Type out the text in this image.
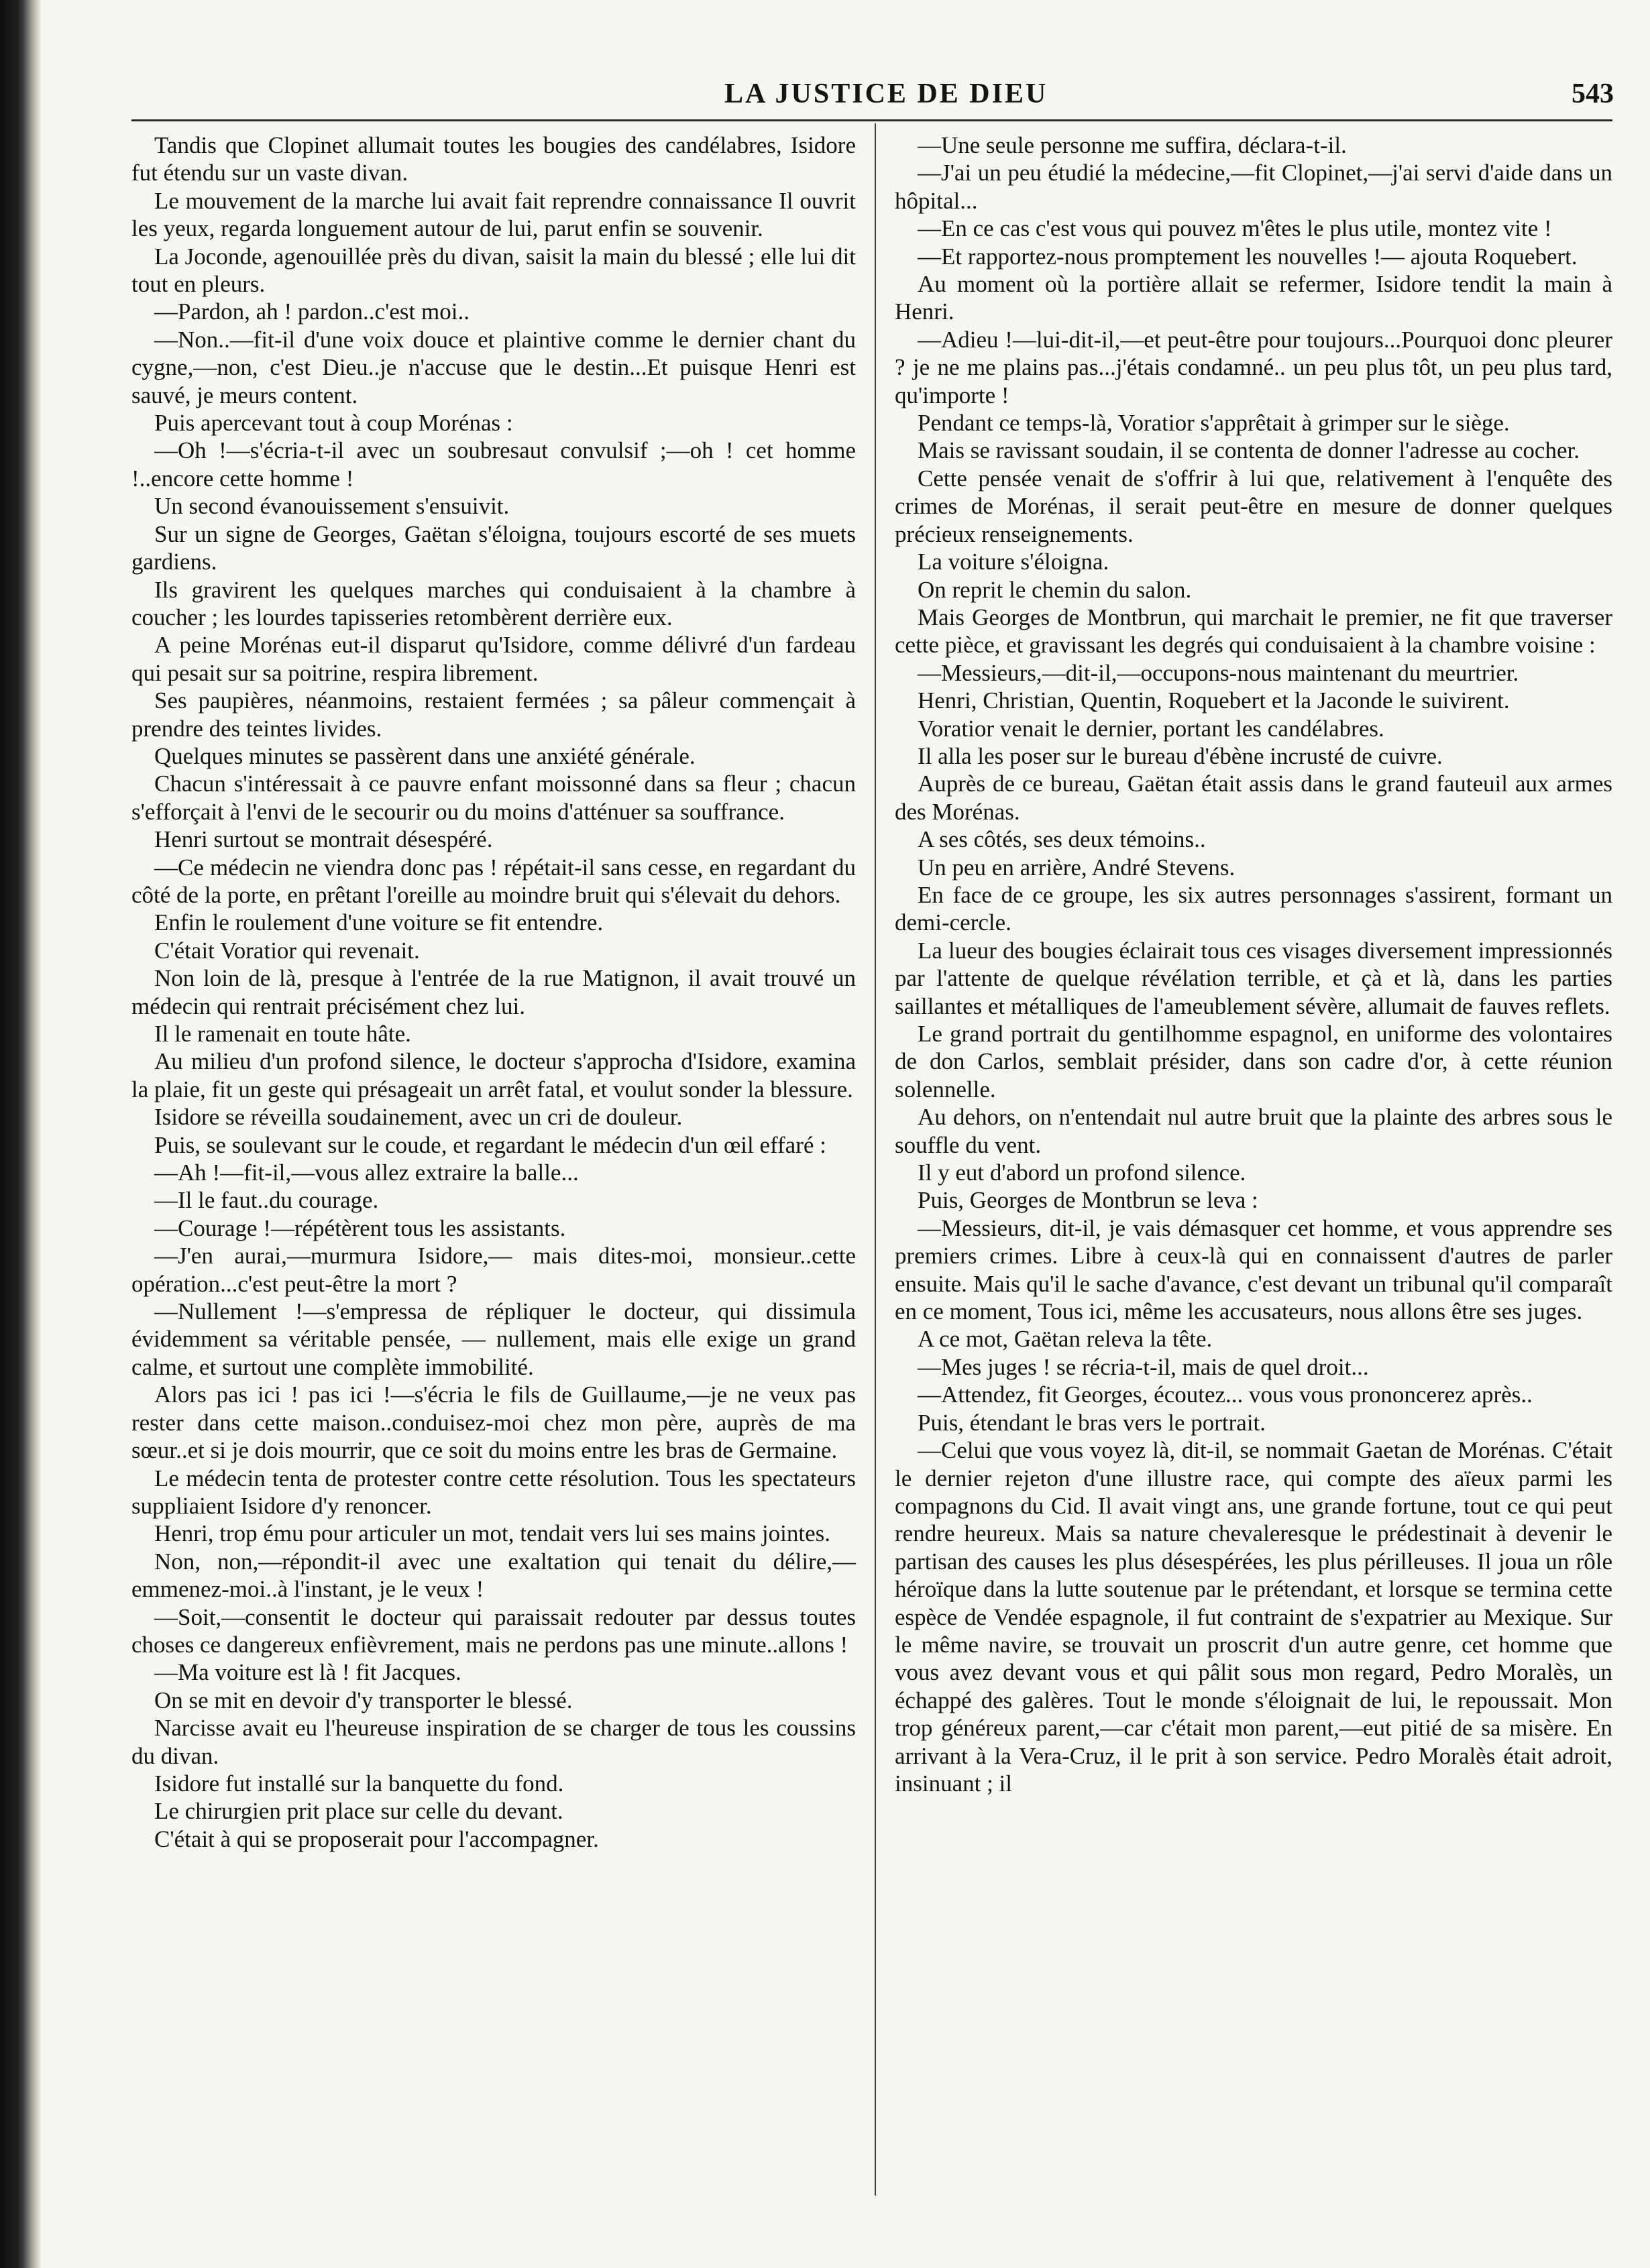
LA JUSTICE DE DIEU	543

Tandis que Clopinet allumait toutes les bougies des candélabres, Isidore fut étendu sur un vaste divan.

Le mouvement de la marche lui avait fait reprendre connaissance Il ouvrit les yeux, regarda longuement autour de lui, parut enfin se souvenir.

La Joconde, agenouillée près du divan, saisit la main du blessé ; elle lui dit tout en pleurs.

—Pardon, ah ! pardon..c'est moi..

—Non..—fit-il d'une voix douce et plaintive comme le dernier chant du cygne,—non, c'est Dieu..je n'accuse que le destin...Et puisque Henri est sauvé, je meurs content.

Puis apercevant tout à coup Morénas :

—Oh !—s'écria-t-il avec un soubresaut convulsif ;—oh ! cet homme !..encore cette homme !

Un second évanouissement s'ensuivit.

Sur un signe de Georges, Gaëtan s'éloigna, toujours escorté de ses muets gardiens.

Ils gravirent les quelques marches qui conduisaient à la chambre à coucher ; les lourdes tapisseries retombèrent derrière eux.

A peine Morénas eut-il disparut qu'Isidore, comme délivré d'un fardeau qui pesait sur sa poitrine, respira librement.

Ses paupières, néanmoins, restaient fermées ; sa pâleur commençait à prendre des teintes livides.

Quelques minutes se passèrent dans une anxiété générale.

Chacun s'intéressait à ce pauvre enfant moissonné dans sa fleur ; chacun s'efforçait à l'envi de le secourir ou du moins d'atténuer sa souffrance.

Henri surtout se montrait désespéré.

—Ce médecin ne viendra donc pas ! répétait-il sans cesse, en regardant du côté de la porte, en prêtant l'oreille au moindre bruit qui s'élevait du dehors.

Enfin le roulement d'une voiture se fit entendre.

C'était Voratior qui revenait.

Non loin de là, presque à l'entrée de la rue Matignon, il avait trouvé un médecin qui rentrait précisément chez lui.

Il le ramenait en toute hâte.

Au milieu d'un profond silence, le docteur s'approcha d'Isidore, examina la plaie, fit un geste qui présageait un arrêt fatal, et voulut sonder la blessure.

Isidore se réveilla soudainement, avec un cri de douleur.

Puis, se soulevant sur le coude, et regardant le médecin d'un œil effaré :

—Ah !—fit-il,—vous allez extraire la balle...

—Il le faut..du courage.

—Courage !—répétèrent tous les assistants.

—J'en aurai,—murmura Isidore,— mais dites-moi, monsieur..cette opération...c'est peut-être la mort ?

—Nullement !—s'empressa de répliquer le docteur, qui dissimula évidemment sa véritable pensée, — nullement, mais elle exige un grand calme, et surtout une complète immobilité.

Alors pas ici ! pas ici !—s'écria le fils de Guillaume,—je ne veux pas rester dans cette maison..conduisez-moi chez mon père, auprès de ma sœur..et si je dois mourrir, que ce soit du moins entre les bras de Germaine.

Le médecin tenta de protester contre cette résolution. Tous les spectateurs suppliaient Isidore d'y renoncer.

Henri, trop ému pour articuler un mot, tendait vers lui ses mains jointes.

Non, non,—répondit-il avec une exaltation qui tenait du délire,—emmenez-moi..à l'instant, je le veux !

—Soit,—consentit le docteur qui paraissait redouter par dessus toutes choses ce dangereux enfièvrement, mais ne perdons pas une minute..allons !

—Ma voiture est là ! fit Jacques.

On se mit en devoir d'y transporter le blessé.

Narcisse avait eu l'heureuse inspiration de se charger de tous les coussins du divan.

Isidore fut installé sur la banquette du fond.

Le chirurgien prit place sur celle du devant.

C'était à qui se proposerait pour l'accompagner.

—Une seule personne me suffira, déclara-t-il.

—J'ai un peu étudié la médecine,—fit Clopinet,—j'ai servi d'aide dans un hôpital...

—En ce cas c'est vous qui pouvez m'êtes le plus utile, montez vite !

—Et rapportez-nous promptement les nouvelles !— ajouta Roquebert.

Au moment où la portière allait se refermer, Isidore tendit la main à Henri.

—Adieu !—lui-dit-il,—et peut-être pour toujours...Pourquoi donc pleurer ? je ne me plains pas...j'étais condamné.. un peu plus tôt, un peu plus tard, qu'importe !

Pendant ce temps-là, Voratior s'apprêtait à grimper sur le siège.

Mais se ravissant soudain, il se contenta de donner l'adresse au cocher.

Cette pensée venait de s'offrir à lui que, relativement à l'enquête des crimes de Morénas, il serait peut-être en mesure de donner quelques précieux renseignements.

La voiture s'éloigna.

On reprit le chemin du salon.

Mais Georges de Montbrun, qui marchait le premier, ne fit que traverser cette pièce, et gravissant les degrés qui conduisaient à la chambre voisine :

—Messieurs,—dit-il,—occupons-nous maintenant du meurtrier.

Henri, Christian, Quentin, Roquebert et la Jaconde le suivirent.

Voratior venait le dernier, portant les candélabres.

Il alla les poser sur le bureau d'ébène incrusté de cuivre.

Auprès de ce bureau, Gaëtan était assis dans le grand fauteuil aux armes des Morénas.

A ses côtés, ses deux témoins..

Un peu en arrière, André Stevens.

En face de ce groupe, les six autres personnages s'assirent, formant un demi-cercle.

La lueur des bougies éclairait tous ces visages diversement impressionnés par l'attente de quelque révélation terrible, et çà et là, dans les parties saillantes et métalliques de l'ameublement sévère, allumait de fauves reflets.

Le grand portrait du gentilhomme espagnol, en uniforme des volontaires de don Carlos, semblait présider, dans son cadre d'or, à cette réunion solennelle.

Au dehors, on n'entendait nul autre bruit que la plainte des arbres sous le souffle du vent.

Il y eut d'abord un profond silence.

Puis, Georges de Montbrun se leva :

—Messieurs, dit-il, je vais démasquer cet homme, et vous apprendre ses premiers crimes. Libre à ceux-là qui en connaissent d'autres de parler ensuite. Mais qu'il le sache d'avance, c'est devant un tribunal qu'il comparaît en ce moment, Tous ici, même les accusateurs, nous allons être ses juges.

A ce mot, Gaëtan releva la tête.

—Mes juges ! se récria-t-il, mais de quel droit...

—Attendez, fit Georges, écoutez... vous vous prononcerez après..

Puis, étendant le bras vers le portrait.

—Celui que vous voyez là, dit-il, se nommait Gaetan de Morénas. C'était le dernier rejeton d'une illustre race, qui compte des aïeux parmi les compagnons du Cid. Il avait vingt ans, une grande fortune, tout ce qui peut rendre heureux. Mais sa nature chevaleresque le prédestinait à devenir le partisan des causes les plus désespérées, les plus périlleuses. Il joua un rôle héroïque dans la lutte soutenue par le prétendant, et lorsque se termina cette espèce de Vendée espagnole, il fut contraint de s'expatrier au Mexique. Sur le même navire, se trouvait un proscrit d'un autre genre, cet homme que vous avez devant vous et qui pâlit sous mon regard, Pedro Moralès, un échappé des galères. Tout le monde s'éloignait de lui, le repoussait. Mon trop généreux parent,—car c'était mon parent,—eut pitié de sa misère. En arrivant à la Vera-Cruz, il le prit à son service. Pedro Moralès était adroit, insinuant ; il
